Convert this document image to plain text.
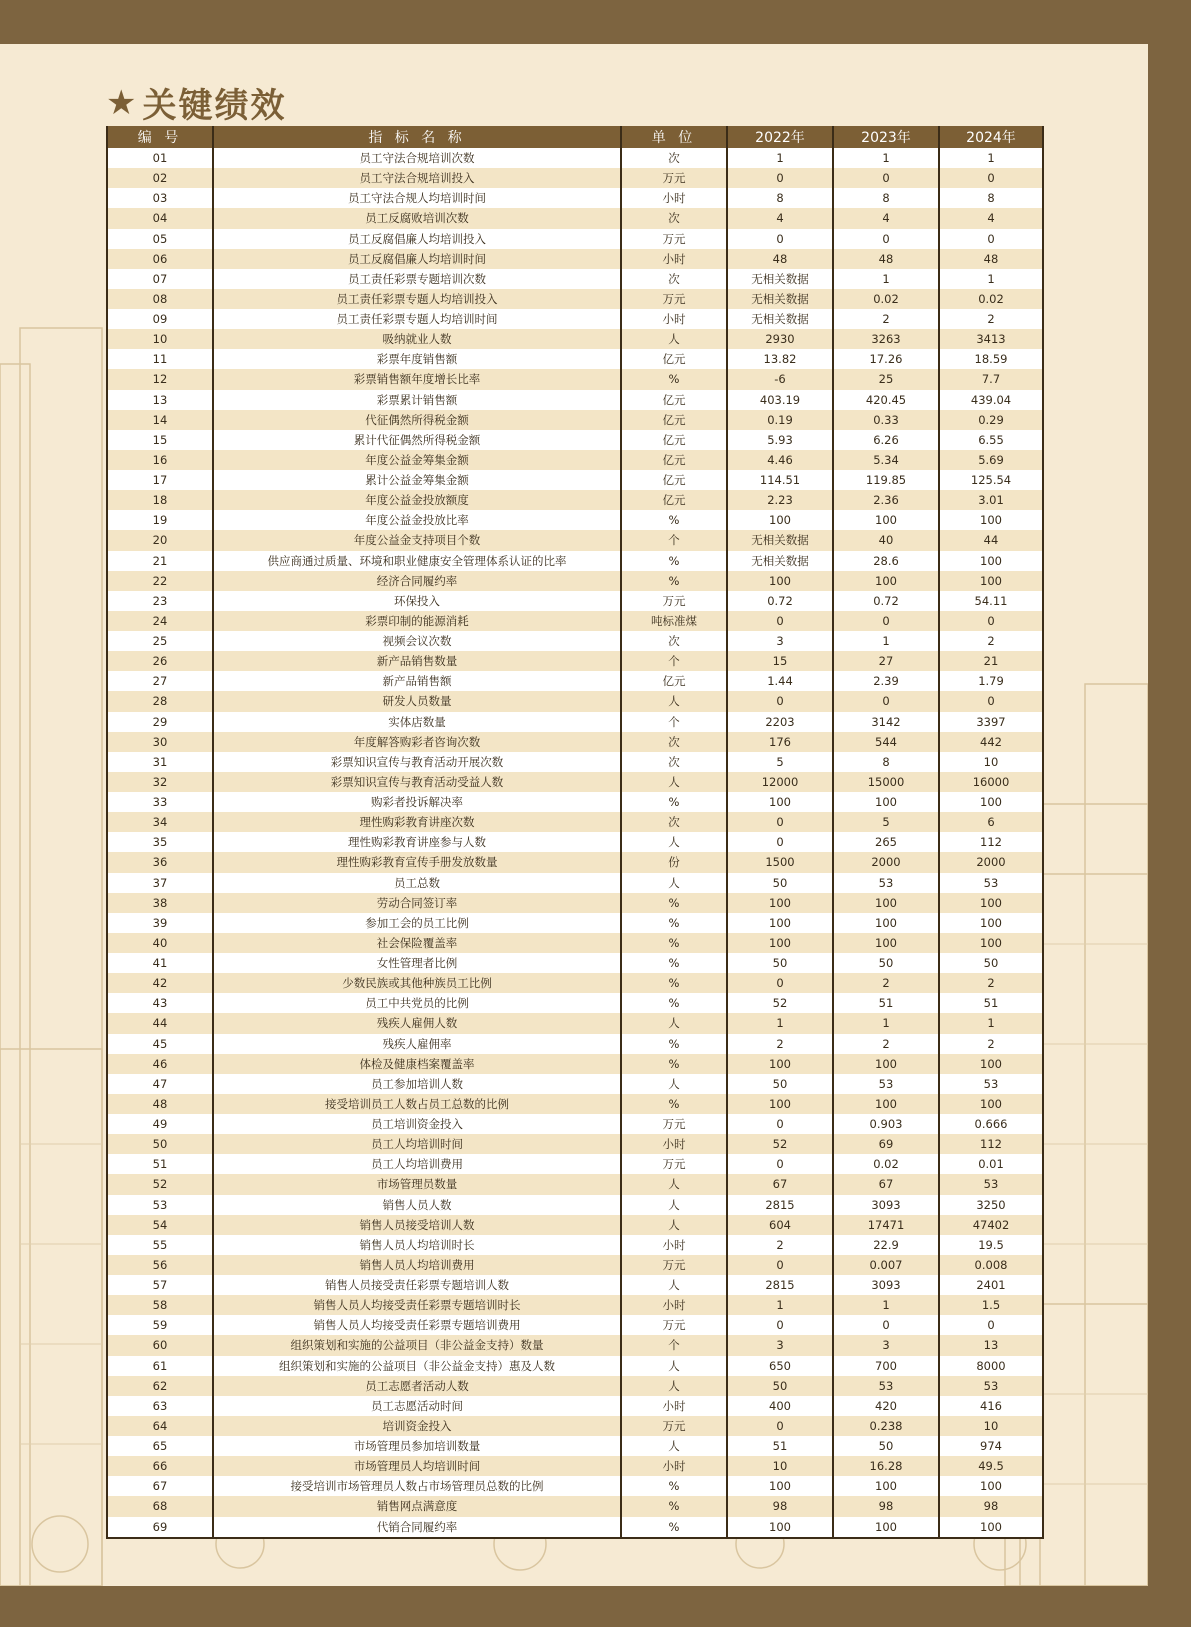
★ 关键绩效
编 号	指 标 名 称	单 位	2022年	2023年	2024年
01	员工守法合规培训次数	次	1	1	1
02	员工守法合规培训投入	万元	0	0	0
03	员工守法合规人均培训时间	小时	8	8	8
04	员工反腐败培训次数	次	4	4	4
05	员工反腐倡廉人均培训投入	万元	0	0	0
06	员工反腐倡廉人均培训时间	小时	48	48	48
07	员工责任彩票专题培训次数	次	无相关数据	1	1
08	员工责任彩票专题人均培训投入	万元	无相关数据	0.02	0.02
09	员工责任彩票专题人均培训时间	小时	无相关数据	2	2
10	吸纳就业人数	人	2930	3263	3413
11	彩票年度销售额	亿元	13.82	17.26	18.59
12	彩票销售额年度增长比率	%	-6	25	7.7
13	彩票累计销售额	亿元	403.19	420.45	439.04
14	代征偶然所得税金额	亿元	0.19	0.33	0.29
15	累计代征偶然所得税金额	亿元	5.93	6.26	6.55
16	年度公益金筹集金额	亿元	4.46	5.34	5.69
17	累计公益金筹集金额	亿元	114.51	119.85	125.54
18	年度公益金投放额度	亿元	2.23	2.36	3.01
19	年度公益金投放比率	%	100	100	100
20	年度公益金支持项目个数	个	无相关数据	40	44
21	供应商通过质量、环境和职业健康安全管理体系认证的比率	%	无相关数据	28.6	100
22	经济合同履约率	%	100	100	100
23	环保投入	万元	0.72	0.72	54.11
24	彩票印制的能源消耗	吨标准煤	0	0	0
25	视频会议次数	次	3	1	2
26	新产品销售数量	个	15	27	21
27	新产品销售额	亿元	1.44	2.39	1.79
28	研发人员数量	人	0	0	0
29	实体店数量	个	2203	3142	3397
30	年度解答购彩者咨询次数	次	176	544	442
31	彩票知识宣传与教育活动开展次数	次	5	8	10
32	彩票知识宣传与教育活动受益人数	人	12000	15000	16000
33	购彩者投诉解决率	%	100	100	100
34	理性购彩教育讲座次数	次	0	5	6
35	理性购彩教育讲座参与人数	人	0	265	112
36	理性购彩教育宣传手册发放数量	份	1500	2000	2000
37	员工总数	人	50	53	53
38	劳动合同签订率	%	100	100	100
39	参加工会的员工比例	%	100	100	100
40	社会保险覆盖率	%	100	100	100
41	女性管理者比例	%	50	50	50
42	少数民族或其他种族员工比例	%	0	2	2
43	员工中共党员的比例	%	52	51	51
44	残疾人雇佣人数	人	1	1	1
45	残疾人雇佣率	%	2	2	2
46	体检及健康档案覆盖率	%	100	100	100
47	员工参加培训人数	人	50	53	53
48	接受培训员工人数占员工总数的比例	%	100	100	100
49	员工培训资金投入	万元	0	0.903	0.666
50	员工人均培训时间	小时	52	69	112
51	员工人均培训费用	万元	0	0.02	0.01
52	市场管理员数量	人	67	67	53
53	销售人员人数	人	2815	3093	3250
54	销售人员接受培训人数	人	604	17471	47402
55	销售人员人均培训时长	小时	2	22.9	19.5
56	销售人员人均培训费用	万元	0	0.007	0.008
57	销售人员接受责任彩票专题培训人数	人	2815	3093	2401
58	销售人员人均接受责任彩票专题培训时长	小时	1	1	1.5
59	销售人员人均接受责任彩票专题培训费用	万元	0	0	0
60	组织策划和实施的公益项目（非公益金支持）数量	个	3	3	13
61	组织策划和实施的公益项目（非公益金支持）惠及人数	人	650	700	8000
62	员工志愿者活动人数	人	50	53	53
63	员工志愿活动时间	小时	400	420	416
64	培训资金投入	万元	0	0.238	10
65	市场管理员参加培训数量	人	51	50	974
66	市场管理员人均培训时间	小时	10	16.28	49.5
67	接受培训市场管理员人数占市场管理员总数的比例	%	100	100	100
68	销售网点满意度	%	98	98	98
69	代销合同履约率	%	100	100	100
